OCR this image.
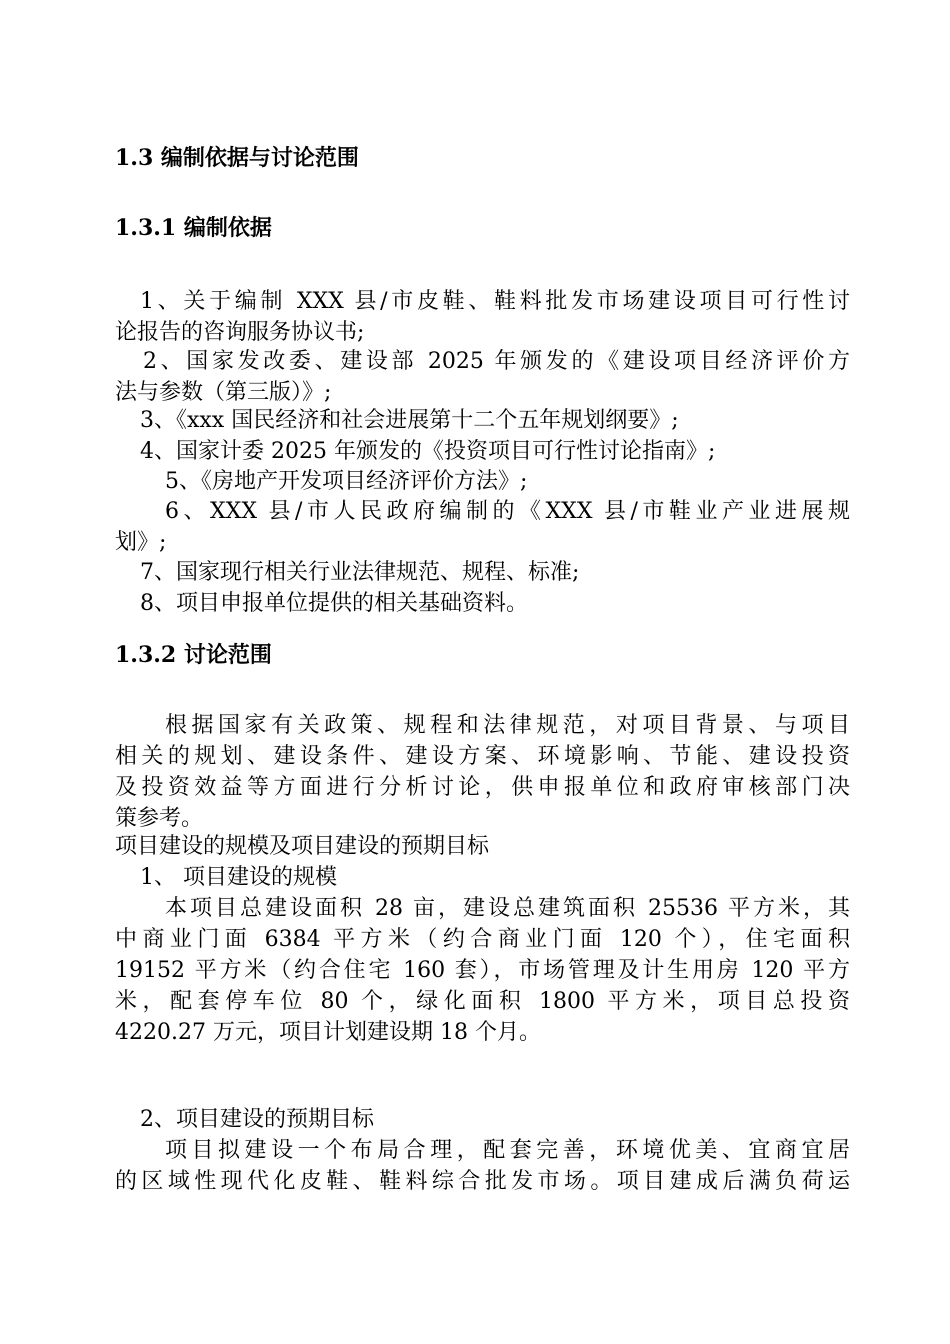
1.3 编制依据与讨论范围
1.3.1 编制依据
1、关于编制 XXX 县/市皮鞋、鞋料批发市场建设项目可行性讨
论报告的咨询服务协议书;
2、国家发改委、建设部 2025 年颁发的《建设项目经济评价方
法与参数（第三版）》;
3、《xxx 国民经济和社会进展第十二个五年规划纲要》;
4、国家计委 2025 年颁发的《投资项目可行性讨论指南》;
5、《房地产开发项目经济评价方法》;
6、XXX 县/市人民政府编制的《XXX 县/市鞋业产业进展规
划》;
7、国家现行相关行业法律规范、规程、标准;
8、项目申报单位提供的相关基础资料。
1.3.2 讨论范围
根据国家有关政策、规程和法律规范，对项目背景、与项目
相关的规划、建设条件、建设方案、环境影响、节能、建设投资
及投资效益等方面进行分析讨论，供申报单位和政府审核部门决
策参考。
项目建设的规模及项目建设的预期目标
1、 项目建设的规模
本项目总建设面积 28 亩，建设总建筑面积 25536 平方米，其
中商业门面 6384 平方米（约合商业门面 120 个），住宅面积
19152 平方米（约合住宅 160 套），市场管理及计生用房 120 平方
米，配套停车位 80 个，绿化面积 1800 平方米，项目总投资
4220.27 万元，项目计划建设期 18 个月。
2、项目建设的预期目标
项目拟建设一个布局合理，配套完善，环境优美、宜商宜居
的区域性现代化皮鞋、鞋料综合批发市场。项目建成后满负荷运
